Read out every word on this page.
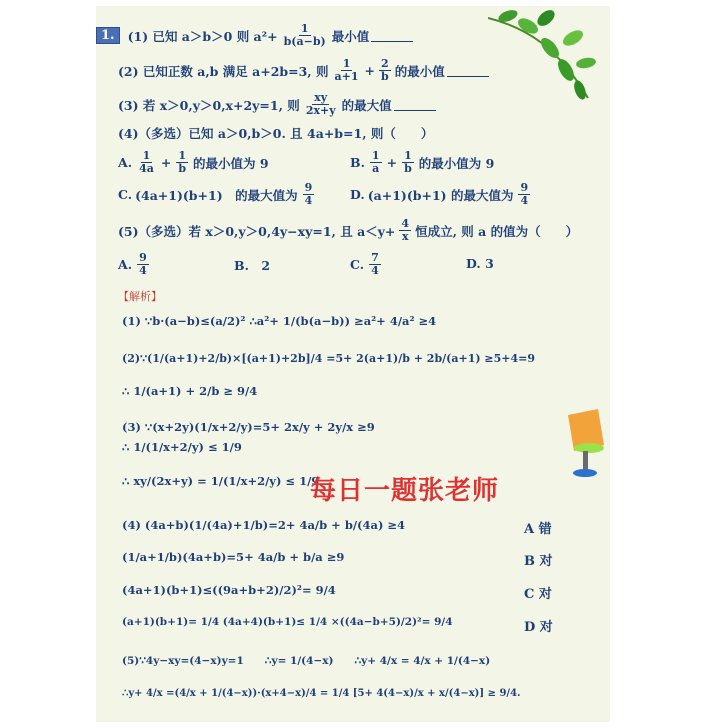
1.	(1) 已知 a＞b＞0 则 $a^2+ \frac{1}{b(a-b)}$ 最小值
(2) 已知正数 a,b 满足 a+2b=3, 则 $\frac{1}{a+1} + \frac{2}{b}$ 的最小值
(3) 若 x＞0,y＞0,x+2y=1, 则 $\frac{xy}{2x+y}$ 的最大值
(4)（多选）已知 a＞0,b＞0. 且 4a+b=1, 则（　　）
A. $\frac{1}{4a} + \frac{1}{b}$ 的最小值为 9	B. $\frac{1}{a} + \frac{1}{b}$ 的最小值为 9
C. (4a+1)(b+1)　的最大值为 $\frac{9}{4}$	D. (a+1)(b+1) 的最大值为 $\frac{9}{4}$
(5)（多选）若 x＞0,y＞0,4y−xy=1, 且 $a<y+ \frac{4}{x}$ 恒成立, 则 a 的值为（　　）
A. $\frac{9}{4}$	B.　2	C. $\frac{7}{4}$	D. 3
【解析】
(1) ∵b·(a−b)≤(a/2)² ∴a²+ 1/(b(a−b)) ≥a²+ 4/a² ≥4
(2)∵(1/(a+1)+2/b)×[(a+1)+2b]/4 =5+ 2(a+1)/b + 2b/(a+1) ≥5+4=9
∴ 1/(a+1) + 2/b ≥ 9/4
(3) ∵(x+2y)(1/x+2/y)=5+ 2x/y + 2y/x ≥9
∴ 1/(1/x+2/y) ≤ 1/9
∴ xy/(2x+y) = 1/(1/x+2/y) ≤ 1/9
每日一题张老师
(4) (4a+b)(1/(4a)+1/b)=2+ 4a/b + b/(4a) ≥4	A 错
(1/a+1/b)(4a+b)=5+ 4a/b + b/a ≥9	B 对
(4a+1)(b+1)≤((9a+b+2)/2)²= 9/4	C 对
(a+1)(b+1)= 1/4 (4a+4)(b+1)≤ 1/4 ×((4a−b+5)/2)²= 9/4	D 对
(5)∵4y−xy=(4−x)y=1　　∴y= 1/(4−x)　　∴y+ 4/x = 4/x + 1/(4−x)
∴y+ 4/x =(4/x + 1/(4−x))·(x+4−x)/4 = 1/4 [5+ 4(4−x)/x + x/(4−x)] ≥ 9/4.
